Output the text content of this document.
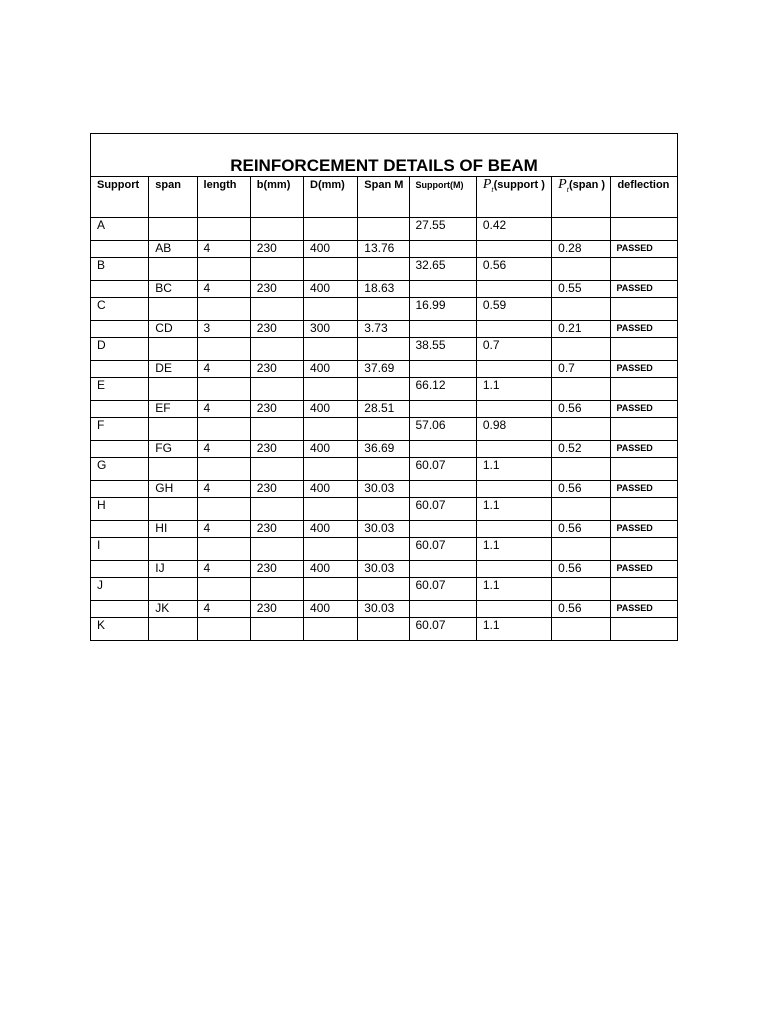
REINFORCEMENT DETAILS OF BEAM									
Support	span	length	b(mm)	D(mm)	Span M	Support(M)	$P_t(support$ )	$P_t(span$ )	deflection
A						27.55	0.42		
	AB	4	230	400	13.76			0.28	PASSED
B						32.65	0.56		
	BC	4	230	400	18.63			0.55	PASSED
C						16.99	0.59		
	CD	3	230	300	3.73			0.21	PASSED
D						38.55	0.7		
	DE	4	230	400	37.69			0.7	PASSED
E						66.12	1.1		
	EF	4	230	400	28.51			0.56	PASSED
F						57.06	0.98		
	FG	4	230	400	36.69			0.52	PASSED
G						60.07	1.1		
	GH	4	230	400	30.03			0.56	PASSED
H						60.07	1.1		
	HI	4	230	400	30.03			0.56	PASSED
I						60.07	1.1		
	IJ	4	230	400	30.03			0.56	PASSED
J						60.07	1.1		
	JK	4	230	400	30.03			0.56	PASSED
K						60.07	1.1		
